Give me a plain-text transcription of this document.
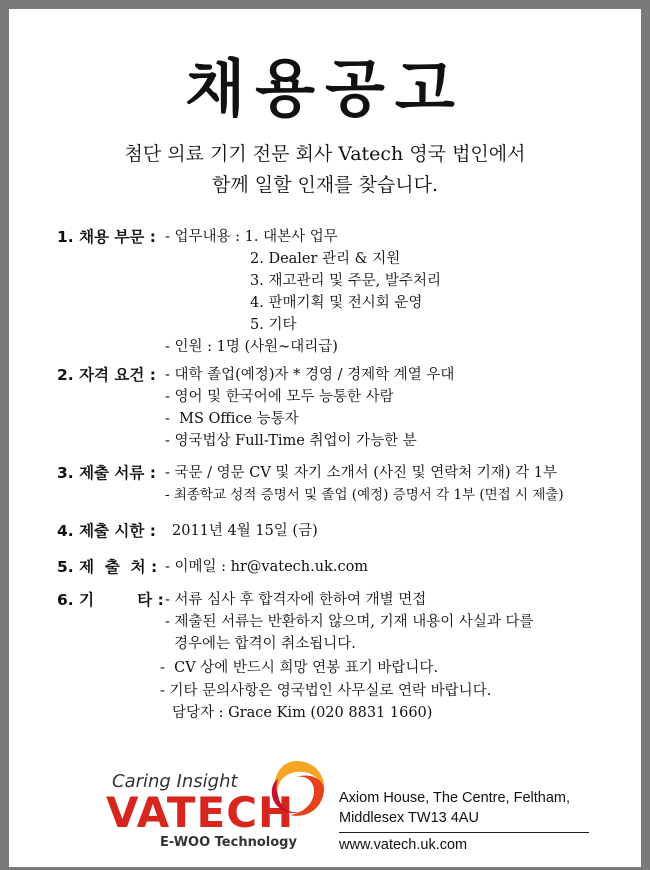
채용공고
첨단 의료 기기 전문 회사 Vatech 영국 법인에서
함께 일할 인재를 찾습니다.
1. 채용 부문 : - 업무내용 : 1. 대본사 업무
2. Dealer 관리 & 지원
3. 재고관리 및 주문, 발주처리
4. 판매기획 및 전시회 운영
5. 기타
- 인원 : 1명 (사원~대리급)
2. 자격 요건 : - 대학 졸업(예정)자 * 경영 / 경제학 계열 우대
- 영어 및 한국어에 모두 능통한 사람
-  MS Office 능통자
- 영국법상 Full-Time 취업이 가능한 분
3. 제출 서류 : - 국문 / 영문 CV 및 자기 소개서 (사진 및 연락처 기재) 각 1부
- 최종학교 성적 증명서 및 졸업 (예정) 증명서 각 1부 (면접 시 제출)
4. 제출 시한 : 2011년 4월 15일 (금)
5. 제  출  처 : - 이메일 : hr@vatech.uk.com
6. 기        타 : - 서류 심사 후 합격자에 한하여 개별 면접
- 제출된 서류는 반환하지 않으며, 기재 내용이 사실과 다를
경우에는 합격이 취소됩니다.
-  CV 상에 반드시 희망 연봉 표기 바랍니다.
- 기타 문의사항은 영국법인 사무실로 연락 바랍니다.
담당자 : Grace Kim (020 8831 1660)
Caring Insight
VATECH
E-WOO Technology
Axiom House, The Centre, Feltham,
Middlesex TW13 4AU
www.vatech.uk.com
